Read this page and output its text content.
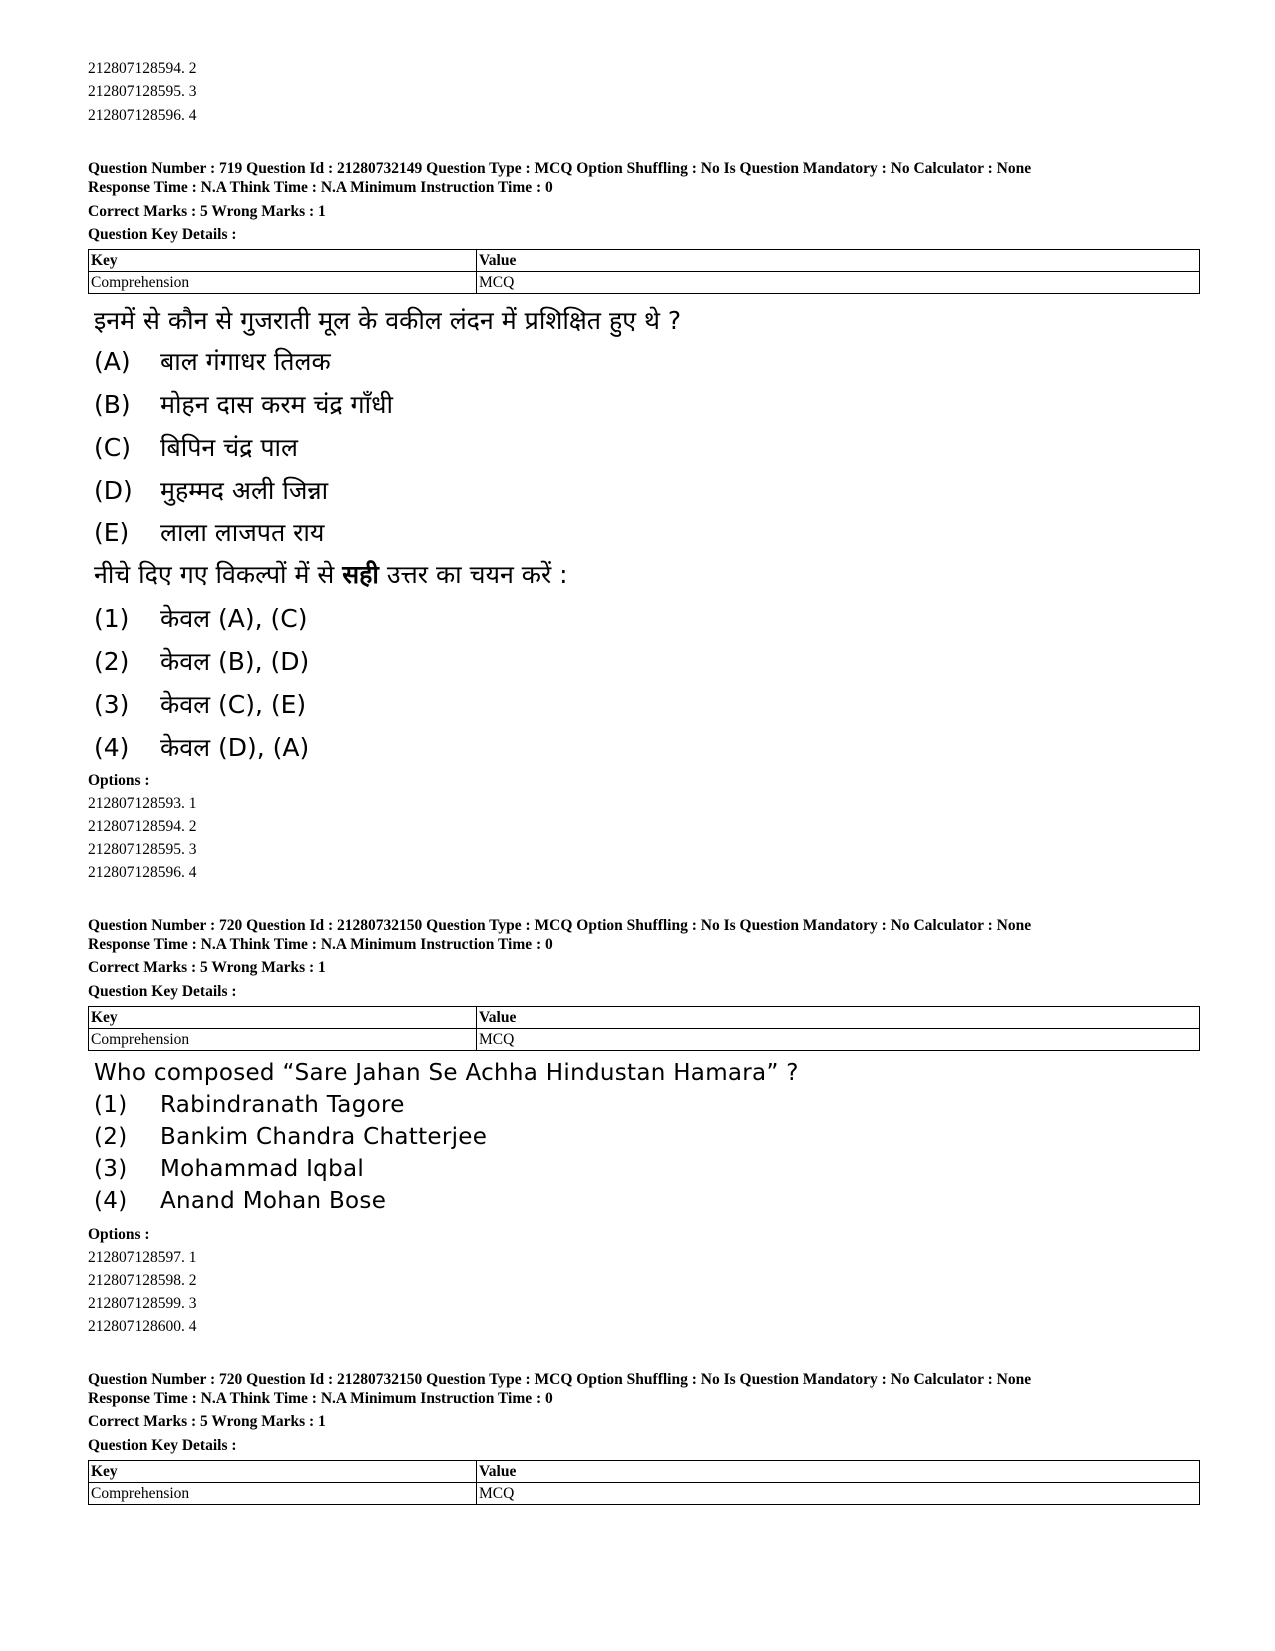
212807128594. 2
212807128595. 3
212807128596. 4
Question Number : 719 Question Id : 21280732149 Question Type : MCQ Option Shuffling : No Is Question Mandatory : No Calculator : None
Response Time : N.A Think Time : N.A Minimum Instruction Time : 0
Correct Marks : 5 Wrong Marks : 1
Question Key Details :
Key	Value
Comprehension	MCQ
इनमें से कौन से गुजराती मूल के वकील लंदन में प्रशिक्षित हुए थे ?
(A) बाल गंगाधर तिलक
(B) मोहन दास करम चंद्र गाँधी
(C) बिपिन चंद्र पाल
(D) मुहम्मद अली जिन्ना
(E) लाला लाजपत राय
नीचे दिए गए विकल्पों में से सही उत्तर का चयन करें :
(1) केवल (A), (C)
(2) केवल (B), (D)
(3) केवल (C), (E)
(4) केवल (D), (A)
Options :
212807128593. 1
212807128594. 2
212807128595. 3
212807128596. 4
Question Number : 720 Question Id : 21280732150 Question Type : MCQ Option Shuffling : No Is Question Mandatory : No Calculator : None
Response Time : N.A Think Time : N.A Minimum Instruction Time : 0
Correct Marks : 5 Wrong Marks : 1
Question Key Details :
Key	Value
Comprehension	MCQ
Who composed “Sare Jahan Se Achha Hindustan Hamara” ?
(1) Rabindranath Tagore
(2) Bankim Chandra Chatterjee
(3) Mohammad Iqbal
(4) Anand Mohan Bose
Options :
212807128597. 1
212807128598. 2
212807128599. 3
212807128600. 4
Question Number : 720 Question Id : 21280732150 Question Type : MCQ Option Shuffling : No Is Question Mandatory : No Calculator : None
Response Time : N.A Think Time : N.A Minimum Instruction Time : 0
Correct Marks : 5 Wrong Marks : 1
Question Key Details :
Key	Value
Comprehension	MCQ
